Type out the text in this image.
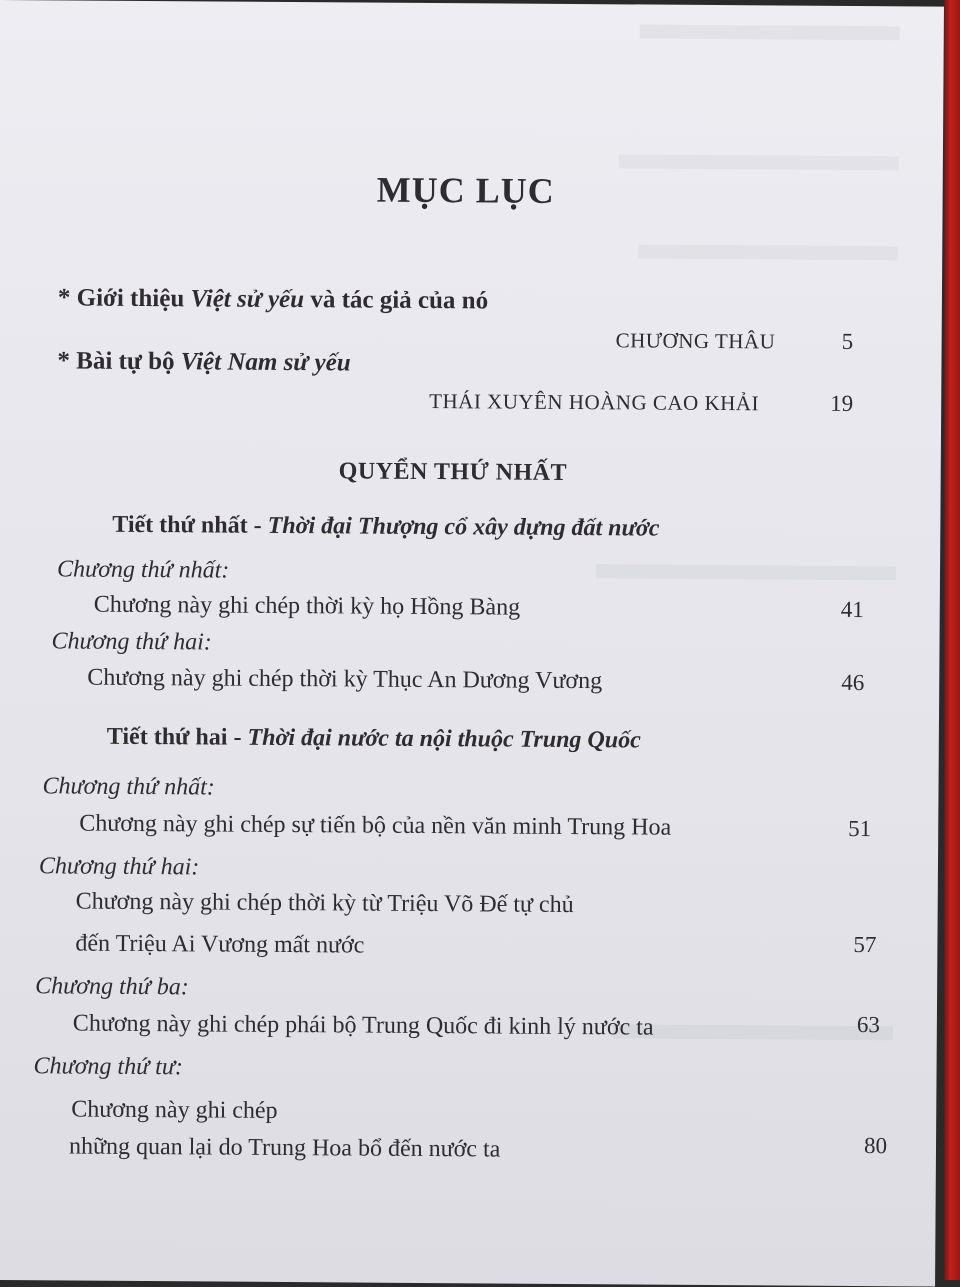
MỤC LỤC
* Giới thiệu Việt sử yếu và tác giả của nó
CHƯƠNG THÂU	5
* Bài tự bộ Việt Nam sử yếu
THÁI XUYÊN HOÀNG CAO KHẢI	19
QUYỂN THỨ NHẤT
Tiết thứ nhất - Thời đại Thượng cổ xây dựng đất nước
Chương thứ nhất:
Chương này ghi chép thời kỳ họ Hồng Bàng	41
Chương thứ hai:
Chương này ghi chép thời kỳ Thục An Dương Vương	46
Tiết thứ hai - Thời đại nước ta nội thuộc Trung Quốc
Chương thứ nhất:
Chương này ghi chép sự tiến bộ của nền văn minh Trung Hoa	51
Chương thứ hai:
Chương này ghi chép thời kỳ từ Triệu Võ Đế tự chủ
đến Triệu Ai Vương mất nước	57
Chương thứ ba:
Chương này ghi chép phái bộ Trung Quốc đi kinh lý nước ta	63
Chương thứ tư:
Chương này ghi chép
những quan lại do Trung Hoa bổ đến nước ta	80
